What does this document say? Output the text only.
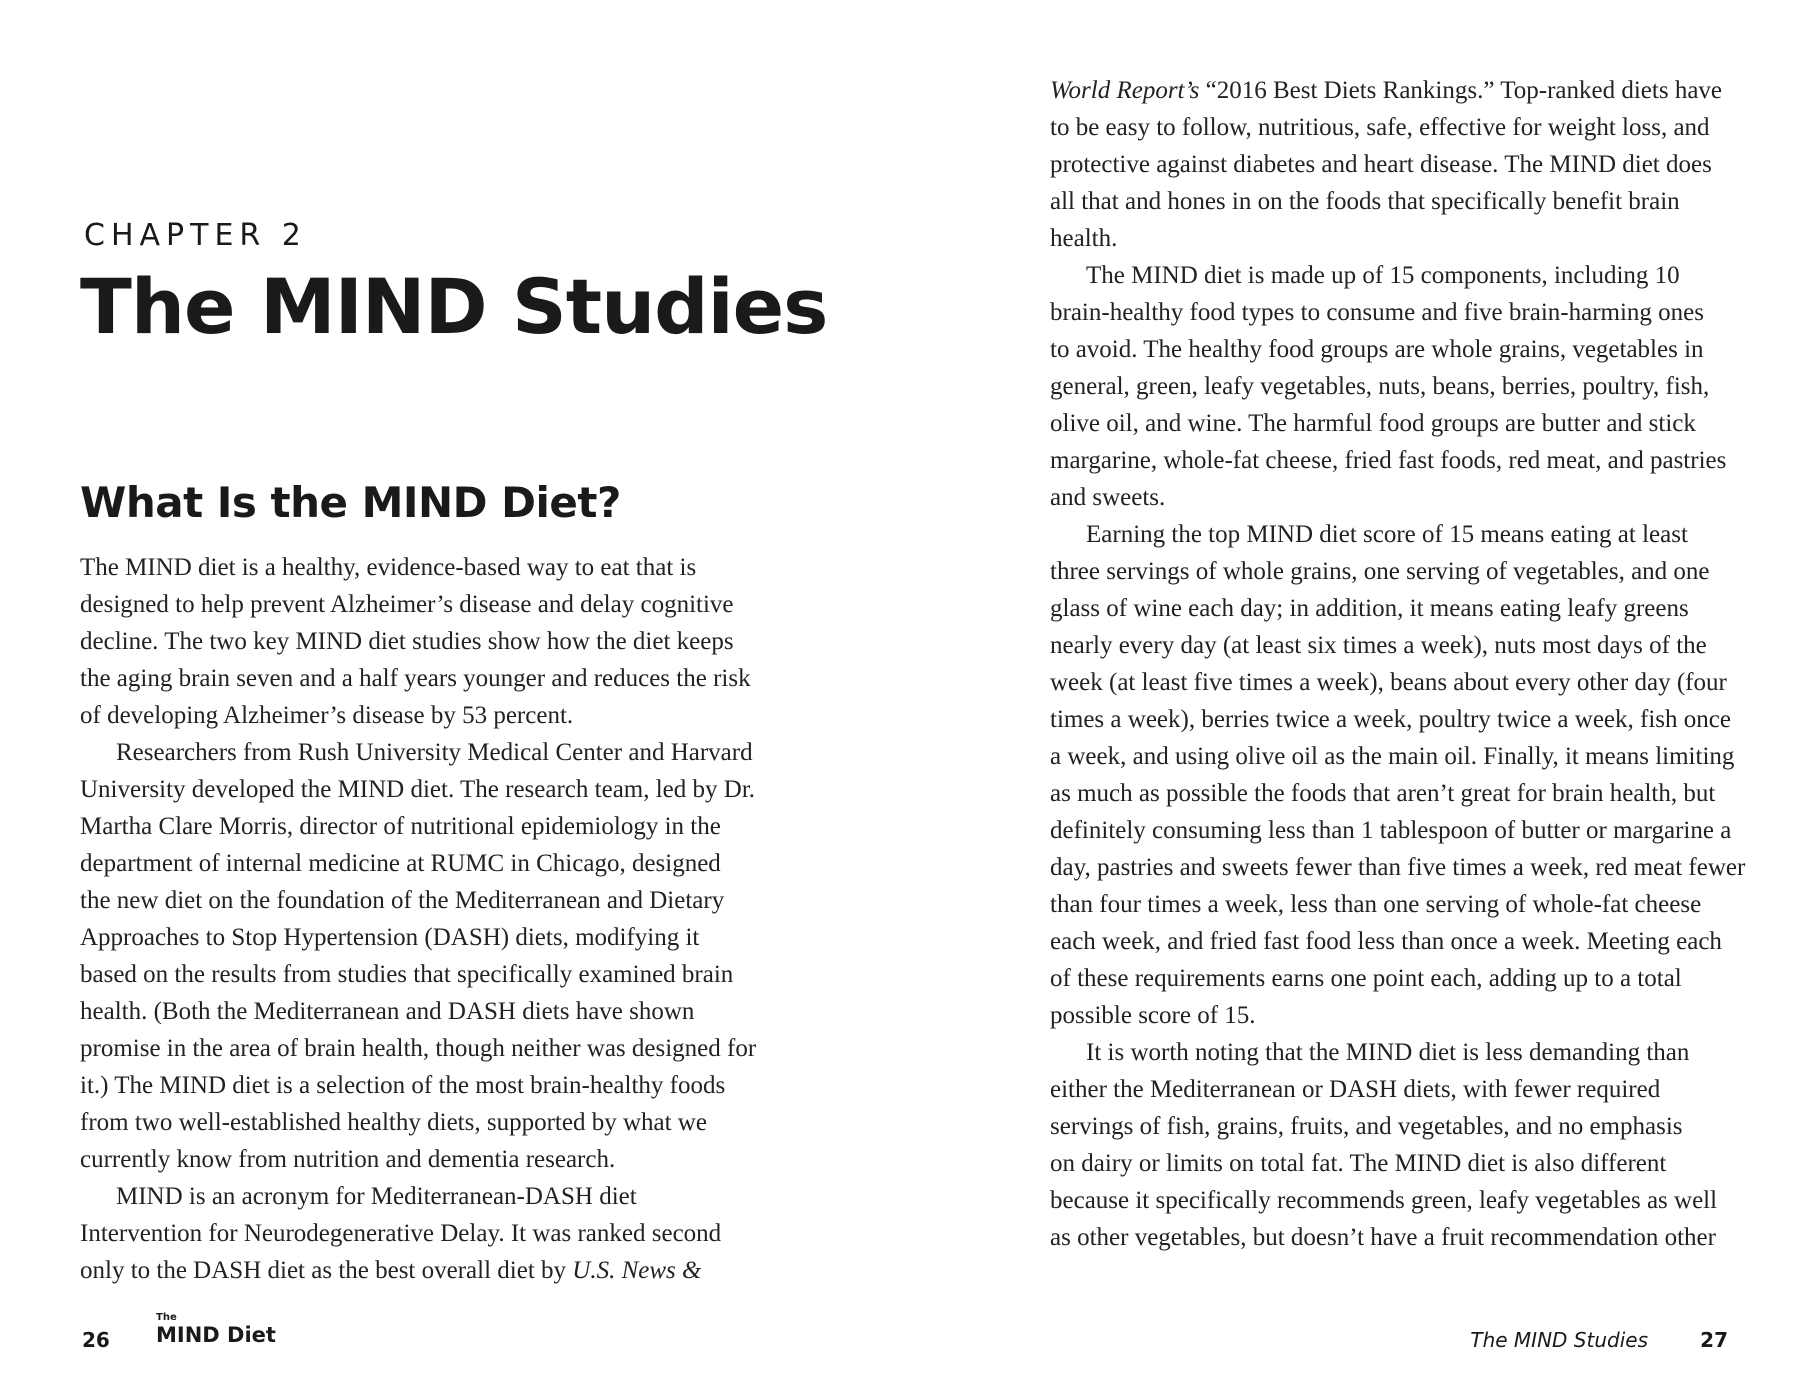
CHAPTER 2
The MIND Studies
What Is the MIND Diet?

The MIND diet is a healthy, evidence-based way to eat that is
designed to help prevent Alzheimer’s disease and delay cognitive
decline. The two key MIND diet studies show how the diet keeps
the aging brain seven and a half years younger and reduces the risk
of developing Alzheimer’s disease by 53 percent.

Researchers from Rush University Medical Center and Harvard
University developed the MIND diet. The research team, led by Dr.
Martha Clare Morris, director of nutritional epidemiology in the
department of internal medicine at RUMC in Chicago, designed
the new diet on the foundation of the Mediterranean and Dietary
Approaches to Stop Hypertension (DASH) diets, modifying it
based on the results from studies that specifically examined brain
health. (Both the Mediterranean and DASH diets have shown
promise in the area of brain health, though neither was designed for
it.) The MIND diet is a selection of the most brain-healthy foods
from two well-established healthy diets, supported by what we
currently know from nutrition and dementia research.

MIND is an acronym for Mediterranean-DASH diet
Intervention for Neurodegenerative Delay. It was ranked second
only to the DASH diet as the best overall diet by U.S. News &

26
The
MIND Diet

World Report’s “2016 Best Diets Rankings.” Top-ranked diets have
to be easy to follow, nutritious, safe, effective for weight loss, and
protective against diabetes and heart disease. The MIND diet does
all that and hones in on the foods that specifically benefit brain
health.

The MIND diet is made up of 15 components, including 10
brain-healthy food types to consume and five brain-harming ones
to avoid. The healthy food groups are whole grains, vegetables in
general, green, leafy vegetables, nuts, beans, berries, poultry, fish,
olive oil, and wine. The harmful food groups are butter and stick
margarine, whole-fat cheese, fried fast foods, red meat, and pastries
and sweets.

Earning the top MIND diet score of 15 means eating at least
three servings of whole grains, one serving of vegetables, and one
glass of wine each day; in addition, it means eating leafy greens
nearly every day (at least six times a week), nuts most days of the
week (at least five times a week), beans about every other day (four
times a week), berries twice a week, poultry twice a week, fish once
a week, and using olive oil as the main oil. Finally, it means limiting
as much as possible the foods that aren’t great for brain health, but
definitely consuming less than 1 tablespoon of butter or margarine a
day, pastries and sweets fewer than five times a week, red meat fewer
than four times a week, less than one serving of whole-fat cheese
each week, and fried fast food less than once a week. Meeting each
of these requirements earns one point each, adding up to a total
possible score of 15.

It is worth noting that the MIND diet is less demanding than
either the Mediterranean or DASH diets, with fewer required
servings of fish, grains, fruits, and vegetables, and no emphasis
on dairy or limits on total fat. The MIND diet is also different
because it specifically recommends green, leafy vegetables as well
as other vegetables, but doesn’t have a fruit recommendation other

The MIND Studies	27
